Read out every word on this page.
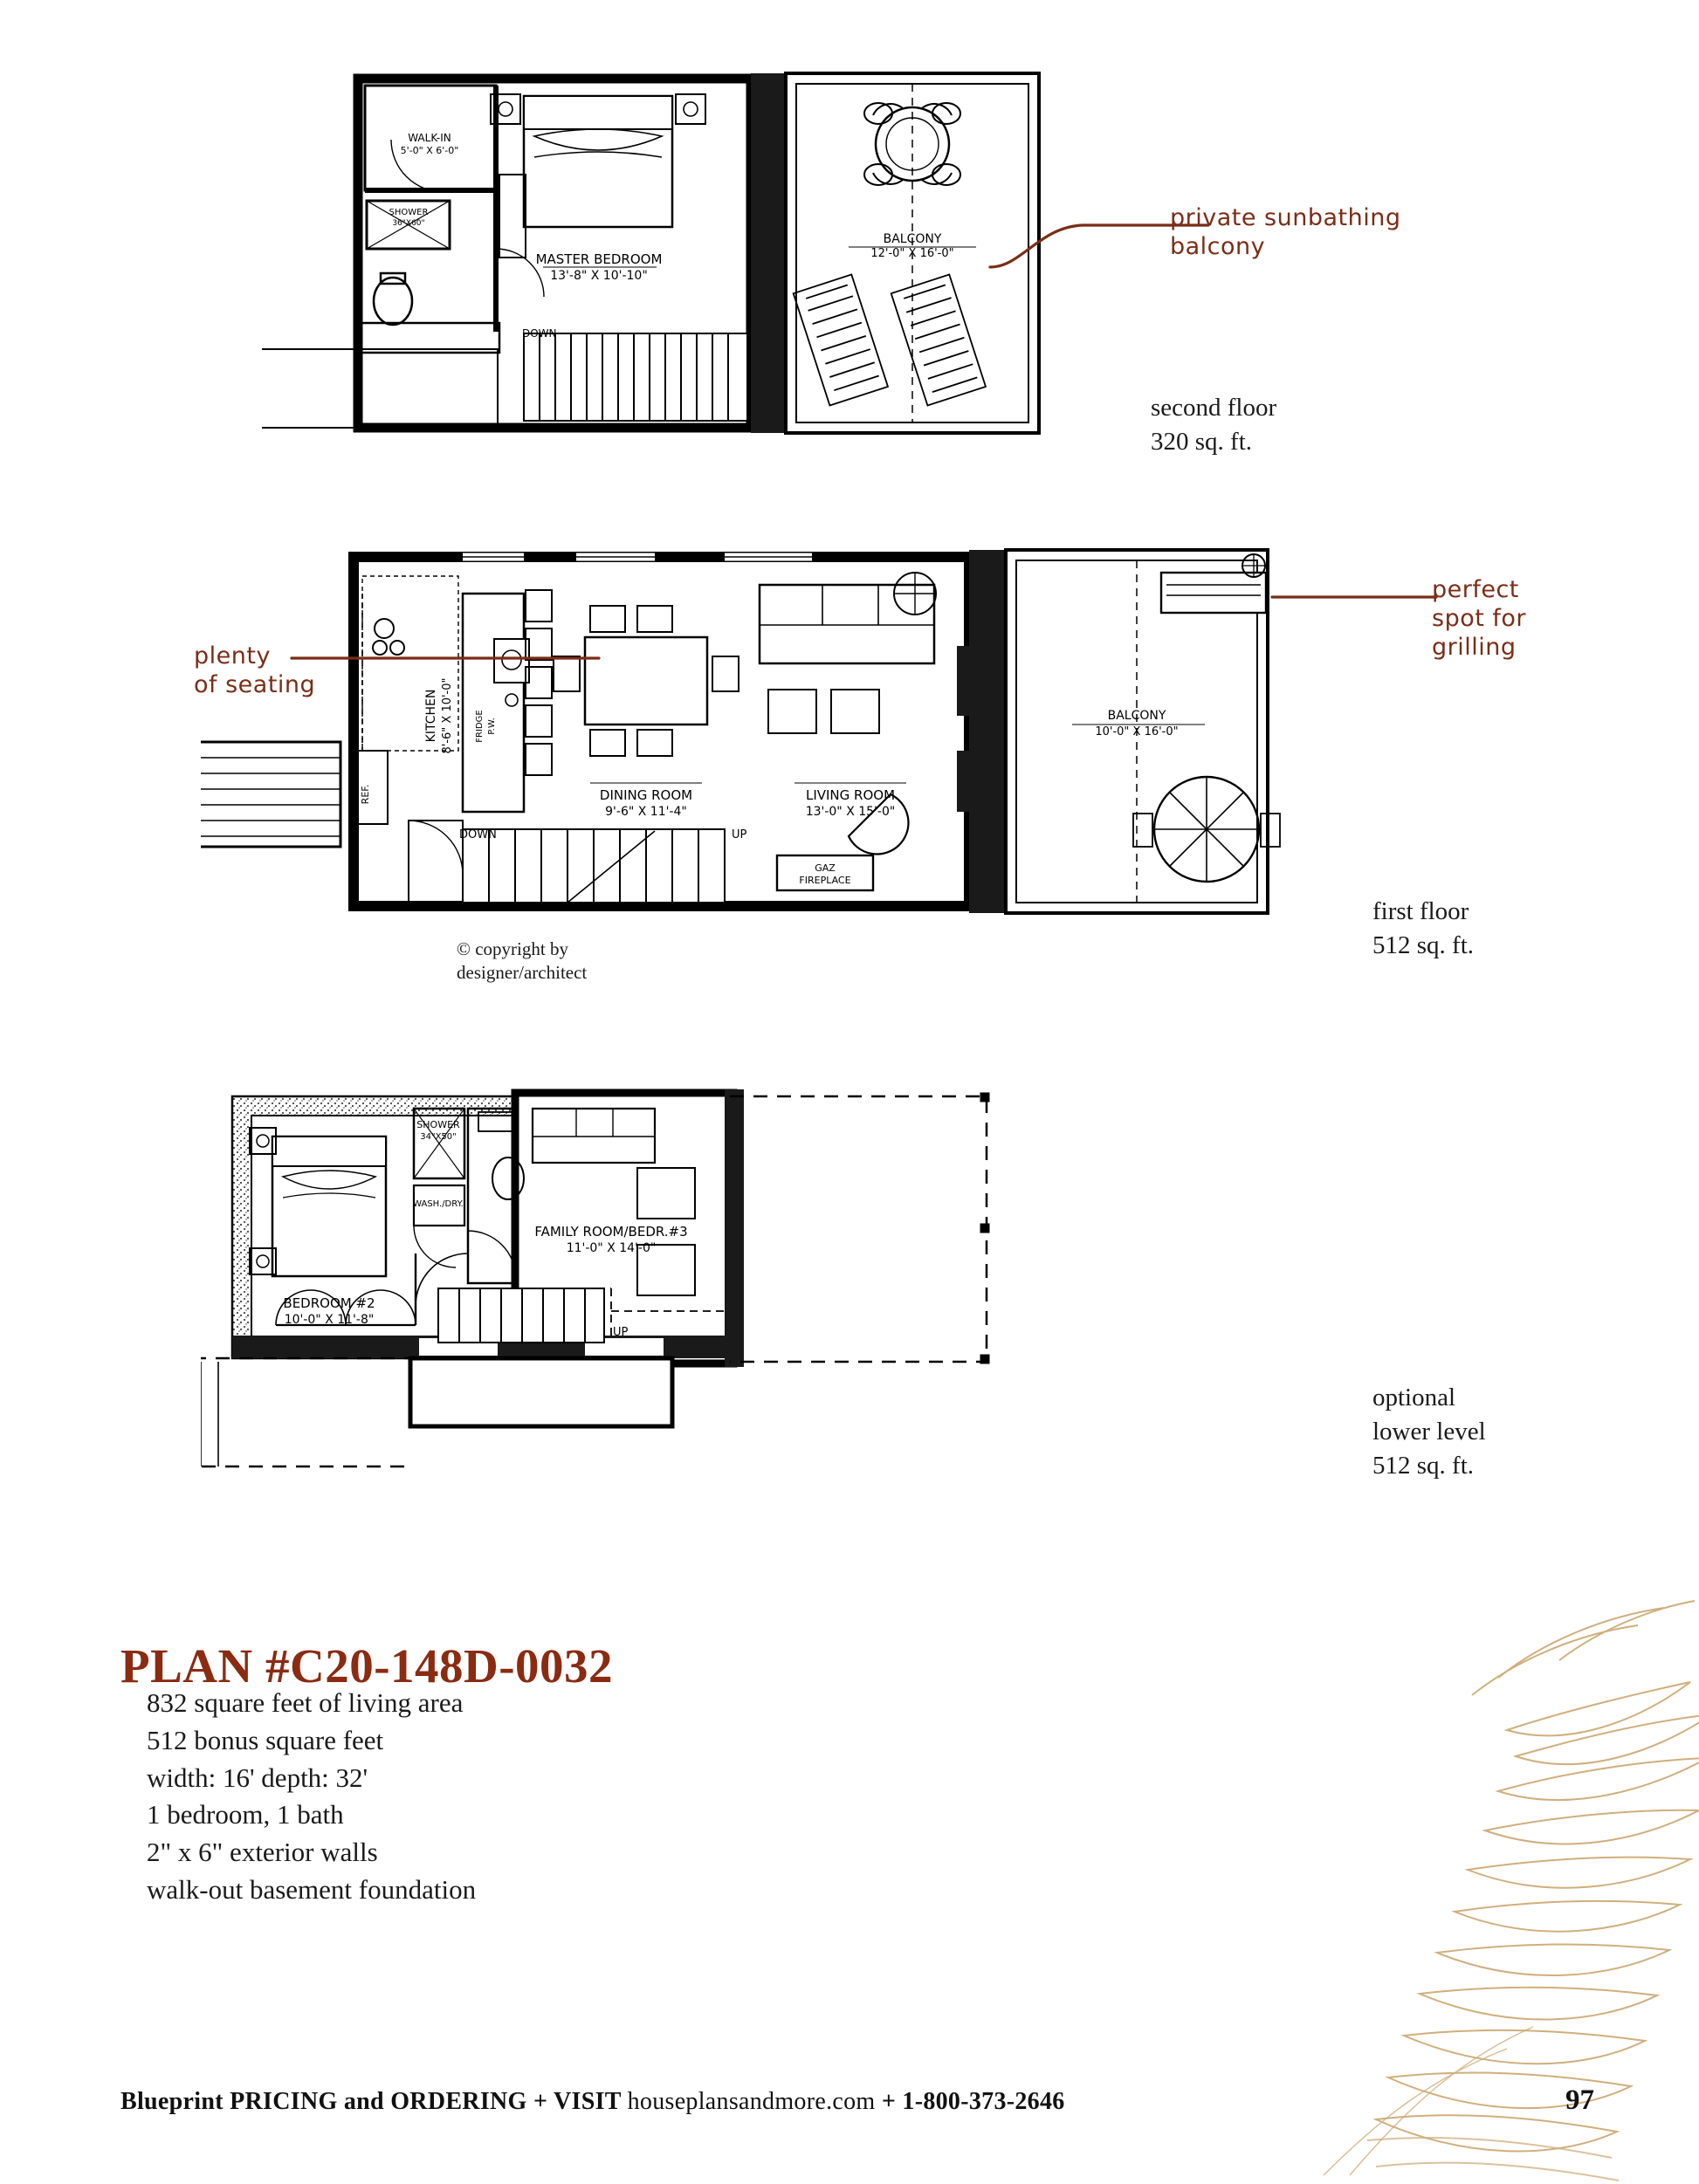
WALK-IN
5'-0" X 6'-0"
SHOWER
36"X60"
MASTER BEDROOM
13'-8" X 10'-10"
BALCONY
12'-0" X 16'-0"
DOWN
private sunbathing
balcony
second floor
320 sq. ft.
KITCHEN 8'-6" X 10'-0"
REF.
FRIDGE P.W.
DINING ROOM
9'-6" X 11'-4"
LIVING ROOM
13'-0" X 15'-0"
GAZ
FIREPLACE
DOWN	UP
BALCONY
10'-0" X 16'-0"
plenty
of seating
perfect
spot for
grilling
© copyright by
designer/architect
first floor
512 sq. ft.
BEDROOM #2
10'-0" X 11'-8"
SHOWER
34"X50"
WASH./DRY.
FAMILY ROOM/BEDR.#3
11'-0" X 14'-0"
UP
optional
lower level
512 sq. ft.
PLAN #C20-148D-0032
832 square feet of living area
512 bonus square feet
width: 16' depth: 32'
1 bedroom, 1 bath
2" x 6" exterior walls
walk-out basement foundation
Blueprint PRICING and ORDERING + VISIT houseplansandmore.com + 1-800-373-2646	97
